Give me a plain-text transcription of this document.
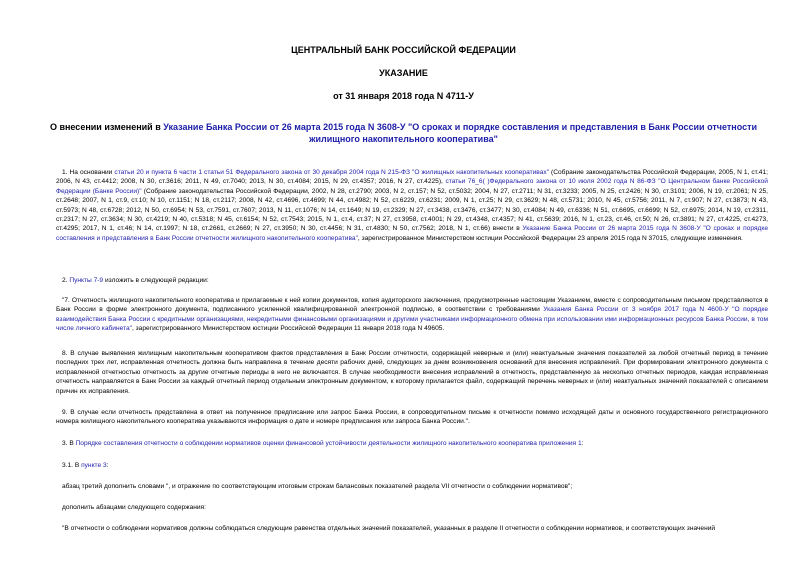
ЦЕНТРАЛЬНЫЙ БАНК РОССИЙСКОЙ ФЕДЕРАЦИИ
УКАЗАНИЕ
от 31 января 2018 года N 4711-У
О внесении изменений в Указание Банка России от 26 марта 2015 года N 3608-У "О сроках и порядке составления и представления в Банк России отчетности жилищного накопительного кооператива"
1. На основании статьи 20 и пункта 6 части 1 статьи 51 Федерального закона от 30 декабря 2004 года N 215-ФЗ "О жилищных накопительных кооперативах" (Собрание законодательства Российской Федерации, 2005, N 1, ст.41; 2006, N 43, ст.4412; 2008, N 30, ст.3616; 2011, N 49, ст.7040; 2013, N 30, ст.4084; 2015, N 29, ст.4357; 2016, N 27, ст.4225), статьи 76_6( )Федерального закона от 10 июля 2002 года N 86-ФЗ "О Центральном банке Российской Федерации (Банке России)" (Собрание законодательства Российской Федерации, 2002, N 28, ст.2790; 2003, N 2, ст.157; N 52, ст.5032; 2004, N 27, ст.2711; N 31, ст.3233; 2005, N 25, ст.2426; N 30, ст.3101; 2006, N 19, ст.2061; N 25, ст.2648; 2007, N 1, ст.9, ст.10; N 10, ст.1151; N 18, ст.2117; 2008, N 42, ст.4696, ст.4699; N 44, ст.4982; N 52, ст.6229, ст.6231; 2009, N 1, ст.25; N 29, ст.3629; N 48, ст.5731; 2010, N 45, ст.5756; 2011, N 7, ст.907; N 27, ст.3873; N 43, ст.5973; N 48, ст.6728; 2012, N 50, ст.6954; N 53, ст.7591, ст.7607; 2013, N 11, ст.1076; N 14, ст.1649; N 19, ст.2329; N 27, ст.3438, ст.3476, ст.3477; N 30, ст.4084; N 49, ст.6336; N 51, ст.6695, ст.6699; N 52, ст.6975; 2014, N 19, ст.2311, ст.2317; N 27, ст.3634; N 30, ст.4219; N 40, ст.5318; N 45, ст.6154; N 52, ст.7543; 2015, N 1, ст.4, ст.37; N 27, ст.3958, ст.4001; N 29, ст.4348, ст.4357; N 41, ст.5639; 2016, N 1, ст.23, ст.46, ст.50; N 26, ст.3891; N 27, ст.4225, ст.4273, ст.4295; 2017, N 1, ст.46; N 14, ст.1997; N 18, ст.2661, ст.2669; N 27, ст.3950; N 30, ст.4456; N 31, ст.4830; N 50, ст.7562; 2018, N 1, ст.66) внести в Указание Банка России от 26 марта 2015 года N 3608-У "О сроках и порядке составления и представления в Банк России отчетности жилищного накопительного кооператива", зарегистрированное Министерством юстиции Российской Федерации 23 апреля 2015 года N 37015, следующие изменения.
2. Пункты 7-9 изложить в следующей редакции:
"7. Отчетность жилищного накопительного кооператива и прилагаемые к ней копии документов, копия аудиторского заключения, предусмотренные настоящим Указанием, вместе с сопроводительным письмом представляются в Банк России в форме электронного документа, подписанного усиленной квалифицированной электронной подписью, в соответствии с требованиями Указания Банка России от 3 ноября 2017 года N 4600-У "О порядке взаимодействия Банка России с кредитными организациями, некредитными финансовыми организациями и другими участниками информационного обмена при использовании ими информационных ресурсов Банка России, в том числе личного кабинета", зарегистрированного Министерством юстиции Российской Федерации 11 января 2018 года N 49605.
8. В случае выявления жилищным накопительным кооперативом фактов представления в Банк России отчетности, содержащей неверные и (или) неактуальные значения показателей за любой отчетный период в течение последних трех лет, исправленная отчетность должна быть направлена в течение десяти рабочих дней, следующих за днем возникновения оснований для внесения исправлений. При формировании электронного документа с исправленной отчетностью отчетность за другие отчетные периоды в него не включается. В случае необходимости внесения исправлений в отчетность, представленную за несколько отчетных периодов, каждая исправленная отчетность направляется в Банк России за каждый отчетный период отдельным электронным документом, к которому прилагается файл, содержащий перечень неверных и (или) неактуальных значений показателей с описанием причин их исправления.
9. В случае если отчетность представлена в ответ на полученное предписание или запрос Банка России, в сопроводительном письме к отчетности помимо исходящей даты и основного государственного регистрационного номера жилищного накопительного кооператива указываются информация о дате и номере предписания или запроса Банка России.".
3. В Порядке составления отчетности о соблюдении нормативов оценки финансовой устойчивости деятельности жилищного накопительного кооператива приложения 1:
3.1. В пункте 3:
абзац третий дополнить словами ", и отражение по соответствующим итоговым строкам балансовых показателей раздела VII отчетности о соблюдении нормативов";
дополнить абзацами следующего содержания:
"В отчетности о соблюдении нормативов должны соблюдаться следующие равенства отдельных значений показателей, указанных в разделе II отчетности о соблюдении нормативов, и соответствующих значений
